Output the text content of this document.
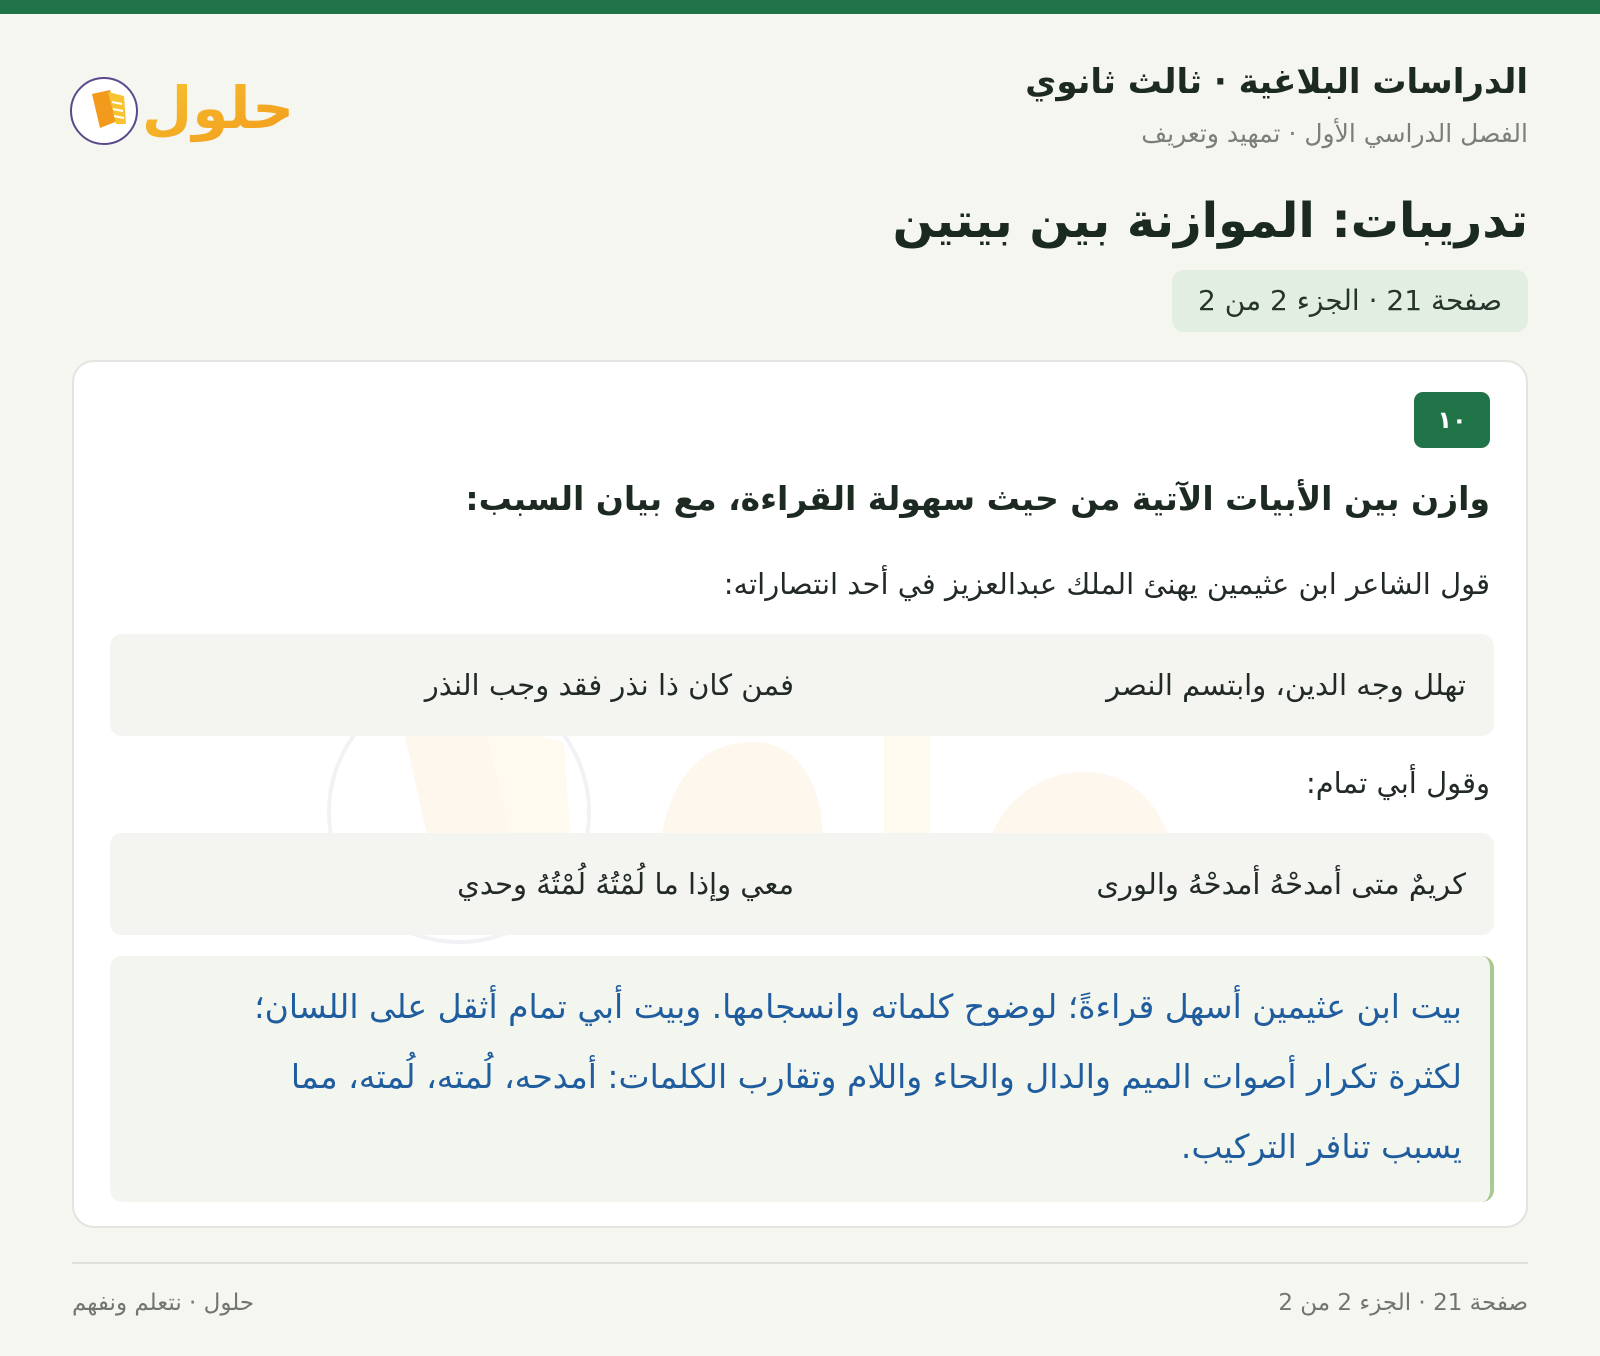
الدراسات البلاغية · ثالث ثانوي
الفصل الدراسي الأول · تمهيد وتعريف
حلول
تدريبات: الموازنة بين بيتين
صفحة 21 · الجزء 2 من 2
١٠

وازن بين الأبيات الآتية من حيث سهولة القراءة، مع بيان السبب:

قول الشاعر ابن عثيمين يهنئ الملك عبدالعزيز في أحد انتصاراته:
تهلل وجه الدين، وابتسم النصر
فمن كان ذا نذر فقد وجب النذر
وقول أبي تمام:
كريمٌ متى أمدحْهُ أمدحْهُ والورى
معي وإذا ما لُمْتُهُ لُمْتُهُ وحدي

بيت ابن عثيمين أسهل قراءةً؛ لوضوح كلماته وانسجامها. وبيت أبي تمام أثقل على اللسان؛ لكثرة تكرار أصوات الميم والدال والحاء واللام وتقارب الكلمات: أمدحه، لُمته، لُمته، مما يسبب تنافر التركيب.

حلول · نتعلم ونفهم	صفحة 21 · الجزء 2 من 2
